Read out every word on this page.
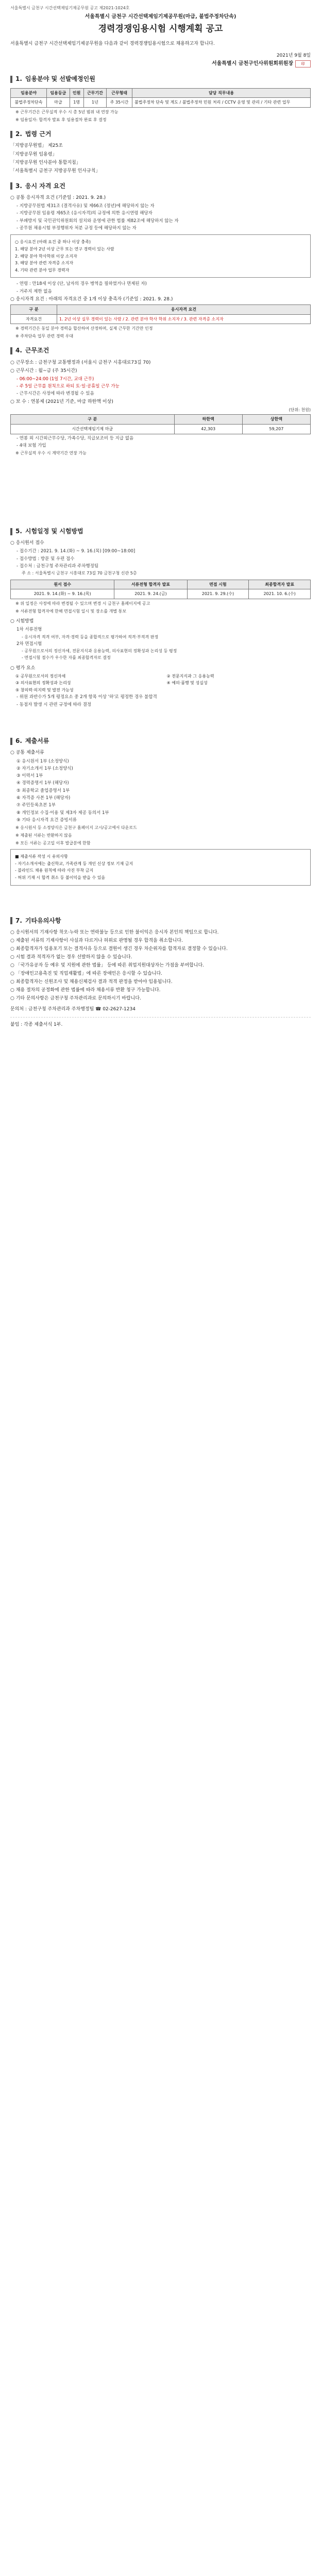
서울특별시 금천구 시간선택제임기제공무원 공고 제2021-1024호
서울특별시 금천구 시간선택제임기제공무원(마급, 불법주정차단속)
경력경쟁임용시험 시행계획 공고
서울특별시 금천구 시간선택제임기제공무원을 다음과 같이 경력경쟁임용시험으로 채용하고자 합니다.
2021년 9월 8일
서울특별시 금천구인사위원회위원장 印
1. 임용분야 및 선발예정인원
임용분야	임용등급	인원	근무기간	근무형태	담당 직무내용
불법주정차단속	마급	1명	1년	주 35시간	불법주정차 단속 및 계도 / 불법주정차 민원 처리 / CCTV 운영 및 관리 / 기타 관련 업무
※ 근무기간은 근무실적 우수 시 총 5년 범위 내 연장 가능
※ 임용일자: 합격자 발표 후 임용절차 완료 후 결정
2. 법령 근거
「지방공무원법」 제25조
「지방공무원 임용령」
「지방공무원 인사분야 통합지침」
「서울특별시 금천구 지방공무원 인사규칙」
3. 응시 자격 요건
○ 공통 응시자격 요건 (기준일 : 2021. 9. 28.)
- 지방공무원법 제31조 (결격사유) 및 제66조 (정년)에 해당하지 않는 자
- 지방공무원 임용령 제65조 (응시자격)의 규정에 의한 응시연령 해당자
- 부패방지 및 국민권익위원회의 설치와 운영에 관한 법률 제82조에 해당하지 않는 자
- 공무원 채용시험 부정행위자 처분 규정 등에 해당하지 않는 자

○ 응시요건 (아래 요건 중 하나 이상 충족)

1. 해당 분야 2년 이상 근무 또는 연구 경력이 있는 사람

2. 해당 분야 학사학위 이상 소지자

3. 해당 분야 관련 자격증 소지자

4. 기타 관련 분야 업무 경력자

- 연령 : 만18세 이상 (단, 남자의 경우 병역을 필하였거나 면제된 자)
- 거주지 제한 없음
○ 응시자격 요건 : 아래의 자격요건 중 1개 이상 충족자 (기준일 : 2021. 9. 28.)
구 분	응시자격 요건
자격요건	1. 2년 이상 실무 경력이 있는 사람 / 2. 관련 분야 학사 학위 소지자 / 3. 관련 자격증 소지자
※ 경력기간은 동일 분야 경력을 합산하여 산정하며, 실제 근무한 기간만 인정
※ 주차단속 업무 관련 경력 우대
4. 근무조건
○ 근무장소 : 금천구청 교통행정과 (서울시 금천구 시흥대로73길 70)
○ 근무시간 : 월~금 (주 35시간)
- 06:00~24:00 (1일 7시간, 교대 근무)
- 주 5일 근무를 원칙으로 하되 토·일·공휴일 근무 가능
- 근무시간은 사정에 따라 변경될 수 있음
○ 보 수 : 연봉제 (2021년 기준, 마급 하한액 이상)
(단위: 천원)
구 분	하한액	상한액
시간선택제임기제 마급	42,303	59,207
- 연봉 외 시간외근무수당, 가족수당, 직급보조비 등 지급 없음
- 4대 보험 가입
※ 근무실적 우수 시 계약기간 연장 가능
5. 시험일정 및 시험방법
○ 응시원서 접수
- 접수기간 : 2021. 9. 14.(화) ~ 9. 16.(목) [09:00~18:00]
- 접수방법 : 방문 및 우편 접수
- 접수처 : 금천구청 주차관리과 주차행정팀
주 소 : 서울특별시 금천구 시흥대로 73길 70 금천구청 신관 5층
원서 접수	서류전형 합격자 발표	면접 시험	최종합격자 발표
2021. 9. 14.(화) ~ 9. 16.(목)	2021. 9. 24.(금)	2021. 9. 29.(수)	2021. 10. 6.(수)
※ 위 일정은 사정에 따라 변경될 수 있으며 변경 시 금천구 홈페이지에 공고
※ 서류전형 합격자에 한해 면접시험 일시 및 장소를 개별 통보
○ 시험방법
1차 서류전형
- 응시자격 적격 여부, 자격·경력 등을 종합적으로 평가하여 적격·부적격 판정
2차 면접시험
- 공무원으로서의 정신자세, 전문지식과 응용능력, 의사표현의 정확성과 논리성 등 평정
- 면접시험 점수가 우수한 자를 최종합격자로 결정
○ 평가 요소
① 공무원으로서의 정신자세	② 전문지식과 그 응용능력
③ 의사표현의 정확성과 논리성	④ 예의·품행 및 성실성
⑤ 창의력·의지력 및 발전 가능성
- 위원 과반수가 5개 평정요소 중 2개 항목 이상 '하'로 평정한 경우 불합격
- 동점자 발생 시 관련 규정에 따라 결정
6. 제출서류
○ 공통 제출서류
① 응시원서 1부 (소정양식)
② 자기소개서 1부 (소정양식)
③ 이력서 1부
④ 경력증명서 1부 (해당자)
⑤ 최종학교 졸업증명서 1부
⑥ 자격증 사본 1부 (해당자)
⑦ 주민등록초본 1부
⑧ 개인정보 수집·이용 및 제3자 제공 동의서 1부
⑨ 기타 응시자격 요건 증빙서류
※ 응시원서 등 소정양식은 금천구 홈페이지 고시/공고에서 다운로드
※ 제출된 서류는 반환하지 않음
※ 모든 서류는 공고일 이후 발급분에 한함

■ 제출서류 작성 시 유의사항

- 자기소개서에는 출신학교, 가족관계 등 개인 신상 정보 기재 금지

- 블라인드 채용 원칙에 따라 사진 부착 금지

- 허위 기재 시 합격 취소 등 불이익을 받을 수 있음

7. 기타유의사항
○ 응시원서의 기재사항 착오·누락 또는 연락불능 등으로 인한 불이익은 응시자 본인의 책임으로 합니다.
○ 제출된 서류의 기재사항이 사실과 다르거나 허위로 판명될 경우 합격을 취소합니다.
○ 최종합격자가 임용포기 또는 결격사유 등으로 결원이 생긴 경우 차순위자를 합격자로 결정할 수 있습니다.
○ 시험 결과 적격자가 없는 경우 선발하지 않을 수 있습니다.
○ 「국가유공자 등 예우 및 지원에 관한 법률」 등에 따른 취업지원대상자는 가점을 부여합니다.
○ 「장애인고용촉진 및 직업재활법」에 따른 장애인은 응시할 수 있습니다.
○ 최종합격자는 신원조사 및 채용신체검사 결과 적격 판정을 받아야 임용됩니다.
○ 채용 절차의 공정화에 관한 법률에 따라 채용서류 반환 청구 가능합니다.
○ 기타 문의사항은 금천구청 주차관리과로 문의하시기 바랍니다.
문의처 : 금천구청 주차관리과 주차행정팀 ☎ 02-2627-1234
붙임 : 각종 제출서식 1부.
